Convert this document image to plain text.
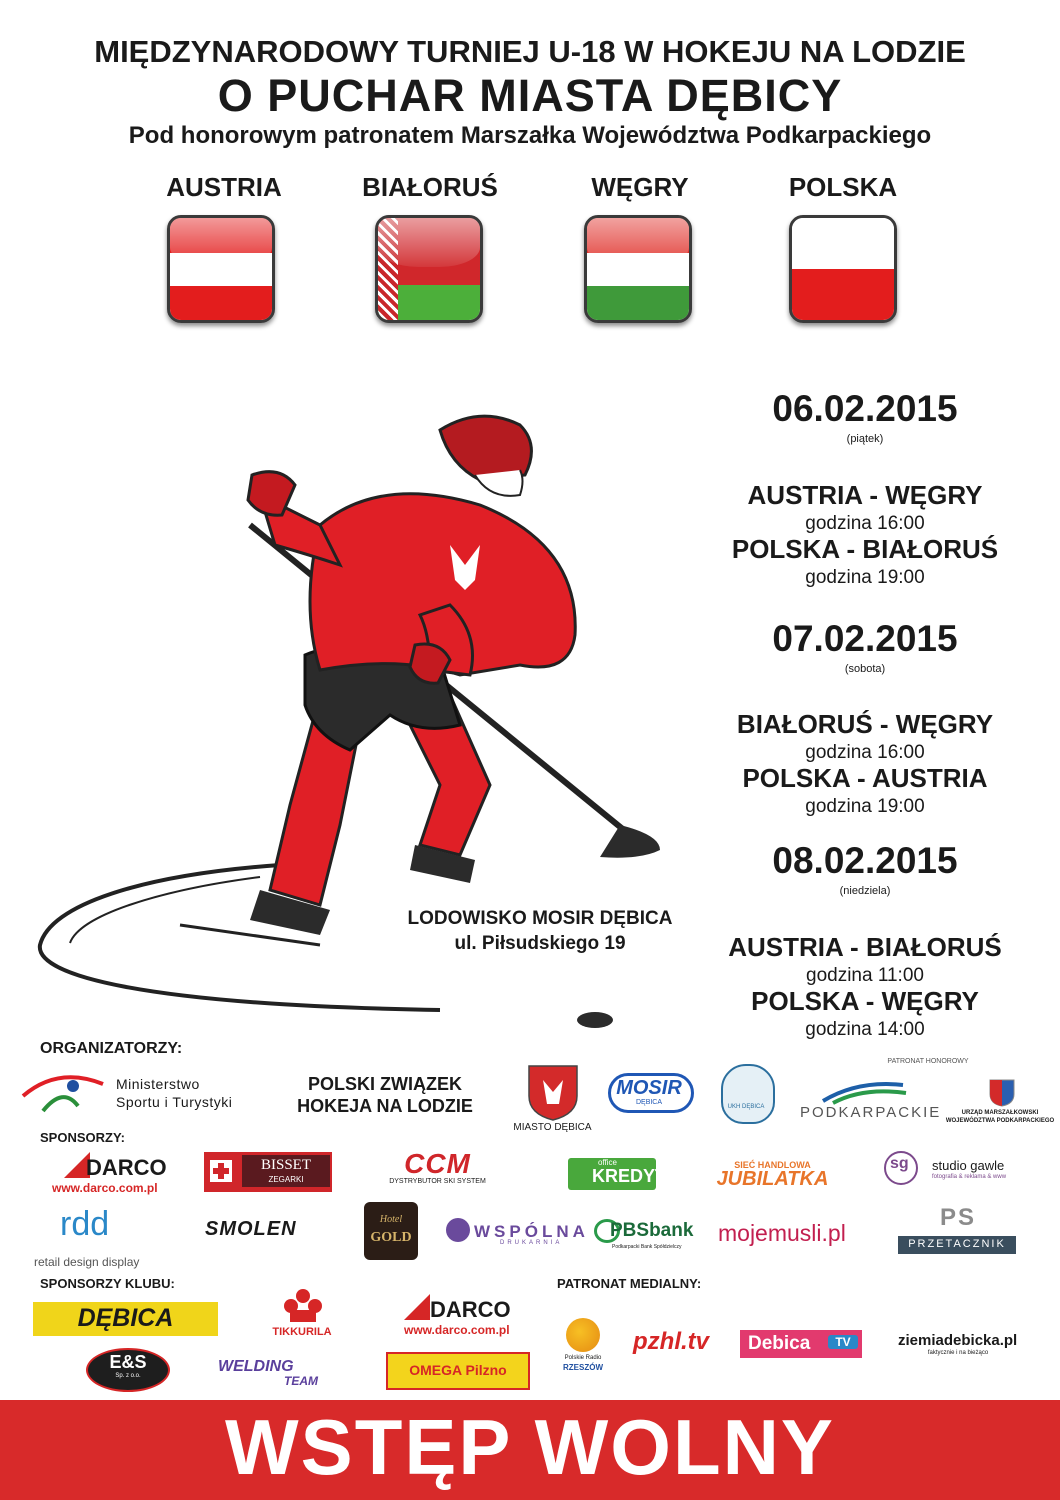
MIĘDZYNARODOWY TURNIEJ U-18 W HOKEJU NA LODZIE
O PUCHAR MIASTA DĘBICY
Pod honorowym patronatem Marszałka Województwa Podkarpackiego
AUSTRIA	BIAŁORUŚ	WĘGRY	POLSKA
06.02.2015
(piątek)
AUSTRIA - WĘGRY
godzina 16:00
POLSKA - BIAŁORUŚ
godzina 19:00
07.02.2015
(sobota)
BIAŁORUŚ - WĘGRY
godzina 16:00
POLSKA - AUSTRIA
godzina 19:00
08.02.2015
(niedziela)
AUSTRIA - BIAŁORUŚ
godzina 11:00
POLSKA - WĘGRY
godzina 14:00
LODOWISKO MOSIR DĘBICA
ul. Piłsudskiego 19
ORGANIZATORZY:
Ministerstwo
Sportu i Turystyki
POLSKI ZWIĄZEK
HOKEJA NA LODZIE
MIASTO DĘBICA
MOSIR
DĘBICA
UKH DĘBICA
PATRONAT HONOROWY
PODKARPACKIE	URZĄD MARSZAŁKOWSKI
WOJEWÓDZTWA PODKARPACKIEGO
SPONSORZY:
DARCO
www.darco.com.pl
BISSET
ZEGARKI
CCM
DYSTRYBUTOR SKI SYSTEM
office
KREDYT
SIEĆ HANDLOWA
JUBILATKA
sg studio gawle
fotografia & reklama & www
rdd
retail design display
SMOLEN	Hotel
GOLD	WSPÓLNA
DRUKARNIA
PBSbank
Podkarpacki Bank Spółdzielczy
mojemusli.pl
PS
PRZETACZNIK
SPONSORZY KLUBU:
DĘBICA	TIKKURILA
DARCO
www.darco.com.pl
E&S
Sp. z o.o.
WELDING
TEAM
OMEGA Pilzno
PATRONAT MEDIALNY:
Polskie Radio
RZESZÓW
pzhl.tv Debica	TV	ziemiadebicka.pl
faktycznie i na bieżąco
WSTĘP WOLNY
